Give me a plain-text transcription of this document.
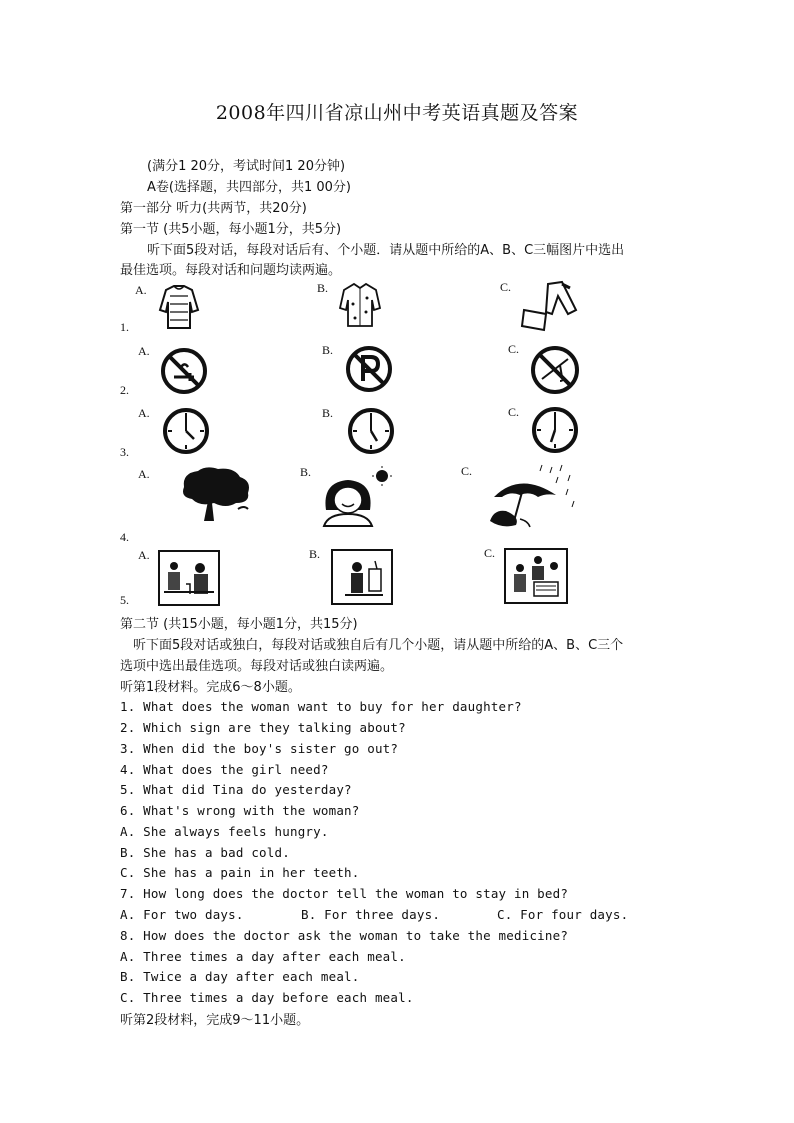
2008年四川省凉山州中考英语真题及答案
(满分1 20分，考试时间1 20分钟)
A卷(选择题，共四部分，共1 00分)
第一部分 听力(共两节，共20分)
第一节 (共5小题，每小题1分，共5分)
听下面5段对话，每段对话后有、个小题．请从题中所给的A、B、C三幅图片中选出
最佳选项。每段对话和问题均读两遍。
A.	B.	C.
1.
A.	B.	C.
2.
A.	B.	C.
3.
A.	B.	C.
4.
A.	B.	C.
5.
第二节 (共15小题，每小题1分，共15分)
听下面5段对话或独白，每段对话或独自后有几个小题，请从题中所给的A、B、C三个
选项中选出最佳选项。每段对话或独白读两遍。
听第1段材料。完成6～8小题。
1. What does the woman want to buy for her daughter?
2. Which sign are they talking about?
3. When did the boy's sister go out?
4. What does the girl need?
5. What did Tina do yesterday?
6. What's wrong with the woman?
A. She always feels hungry.
B. She has a bad cold.
C. She has a pain in her teeth.
7. How long does the doctor tell the woman to stay in bed?
A. For two days.	B. For three days.	C. For four days.
8. How does the doctor ask the woman to take the medicine?
A. Three times a day after each meal.
B. Twice a day after each meal.
C. Three times a day before each meal.
听第2段材料，完成9～11小题。
